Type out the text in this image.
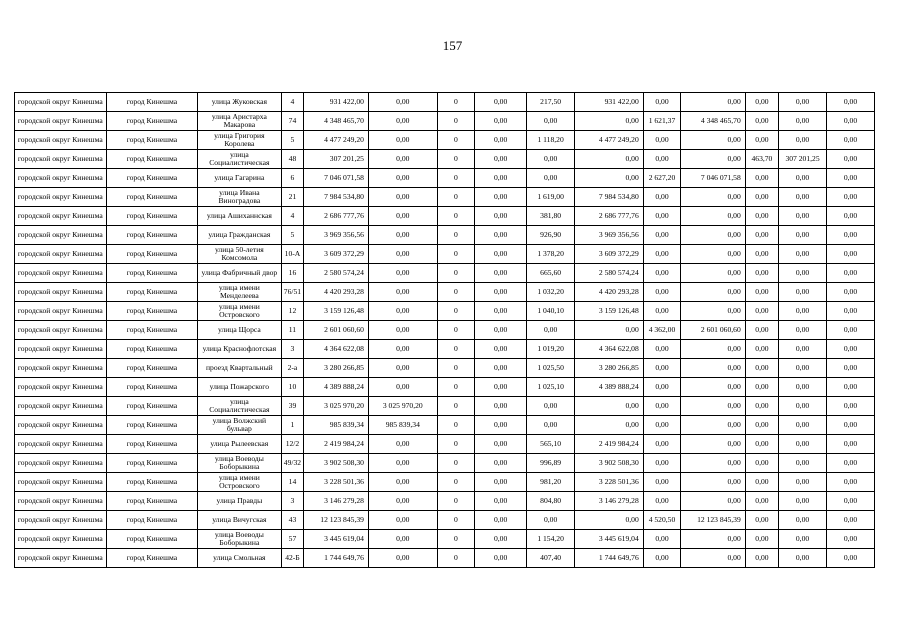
157
городской округ Кинешма	город Кинешма	улица Жуковская	4	931 422,00	0,00	0	0,00	217,50	931 422,00	0,00	0,00	0,00	0,00	0,00
городской округ Кинешма	город Кинешма	улица Аристарха Макарова	74	4 348 465,70	0,00	0	0,00	0,00	0,00	1 621,37	4 348 465,70	0,00	0,00	0,00
городской округ Кинешма	город Кинешма	улица Григория Королева	5	4 477 249,20	0,00	0	0,00	1 118,20	4 477 249,20	0,00	0,00	0,00	0,00	0,00
городской округ Кинешма	город Кинешма	улица Социалистическая	48	307 201,25	0,00	0	0,00	0,00	0,00	0,00	0,00	463,70	307 201,25	0,00
городской округ Кинешма	город Кинешма	улица Гагарина	6	7 046 071,58	0,00	0	0,00	0,00	0,00	2 627,20	7 046 071,58	0,00	0,00	0,00
городской округ Кинешма	город Кинешма	улица Ивана Виноградова	21	7 984 534,80	0,00	0	0,00	1 619,00	7 984 534,80	0,00	0,00	0,00	0,00	0,00
городской округ Кинешма	город Кинешма	улица Ашиханнская	4	2 686 777,76	0,00	0	0,00	381,80	2 686 777,76	0,00	0,00	0,00	0,00	0,00
городской округ Кинешма	город Кинешма	улица Гражданская	5	3 969 356,56	0,00	0	0,00	926,90	3 969 356,56	0,00	0,00	0,00	0,00	0,00
городской округ Кинешма	город Кинешма	улица 50-летия Комсомола	10-А	3 609 372,29	0,00	0	0,00	1 378,20	3 609 372,29	0,00	0,00	0,00	0,00	0,00
городской округ Кинешма	город Кинешма	улица Фабричный двор	16	2 580 574,24	0,00	0	0,00	665,60	2 580 574,24	0,00	0,00	0,00	0,00	0,00
городской округ Кинешма	город Кинешма	улица имени Менделеева	76/51	4 420 293,28	0,00	0	0,00	1 032,20	4 420 293,28	0,00	0,00	0,00	0,00	0,00
городской округ Кинешма	город Кинешма	улица имени Островского	12	3 159 126,48	0,00	0	0,00	1 040,10	3 159 126,48	0,00	0,00	0,00	0,00	0,00
городской округ Кинешма	город Кинешма	улица Щорса	11	2 601 060,60	0,00	0	0,00	0,00	0,00	4 362,00	2 601 060,60	0,00	0,00	0,00
городской округ Кинешма	город Кинешма	улица Краснофлотская	3	4 364 622,08	0,00	0	0,00	1 019,20	4 364 622,08	0,00	0,00	0,00	0,00	0,00
городской округ Кинешма	город Кинешма	проезд Квартальный	2-а	3 280 266,85	0,00	0	0,00	1 025,50	3 280 266,85	0,00	0,00	0,00	0,00	0,00
городской округ Кинешма	город Кинешма	улица Пожарского	10	4 389 888,24	0,00	0	0,00	1 025,10	4 389 888,24	0,00	0,00	0,00	0,00	0,00
городской округ Кинешма	город Кинешма	улица Социалистическая	39	3 025 970,20	3 025 970,20	0	0,00	0,00	0,00	0,00	0,00	0,00	0,00	0,00
городской округ Кинешма	город Кинешма	улица Волжский бульвар	1	985 839,34	985 839,34	0	0,00	0,00	0,00	0,00	0,00	0,00	0,00	0,00
городской округ Кинешма	город Кинешма	улица Рылеевская	12/2	2 419 984,24	0,00	0	0,00	565,10	2 419 984,24	0,00	0,00	0,00	0,00	0,00
городской округ Кинешма	город Кинешма	улица Воеводы Боборыкина	49/32	3 902 508,30	0,00	0	0,00	996,89	3 902 508,30	0,00	0,00	0,00	0,00	0,00
городской округ Кинешма	город Кинешма	улица имени Островского	14	3 228 501,36	0,00	0	0,00	981,20	3 228 501,36	0,00	0,00	0,00	0,00	0,00
городской округ Кинешма	город Кинешма	улица Правды	3	3 146 279,28	0,00	0	0,00	804,80	3 146 279,28	0,00	0,00	0,00	0,00	0,00
городской округ Кинешма	город Кинешма	улица Вичугская	43	12 123 845,39	0,00	0	0,00	0,00	0,00	4 520,50	12 123 845,39	0,00	0,00	0,00
городской округ Кинешма	город Кинешма	улица Воеводы Боборыкина	57	3 445 619,04	0,00	0	0,00	1 154,20	3 445 619,04	0,00	0,00	0,00	0,00	0,00
городской округ Кинешма	город Кинешма	улица Смольная	42-Б	1 744 649,76	0,00	0	0,00	407,40	1 744 649,76	0,00	0,00	0,00	0,00	0,00
